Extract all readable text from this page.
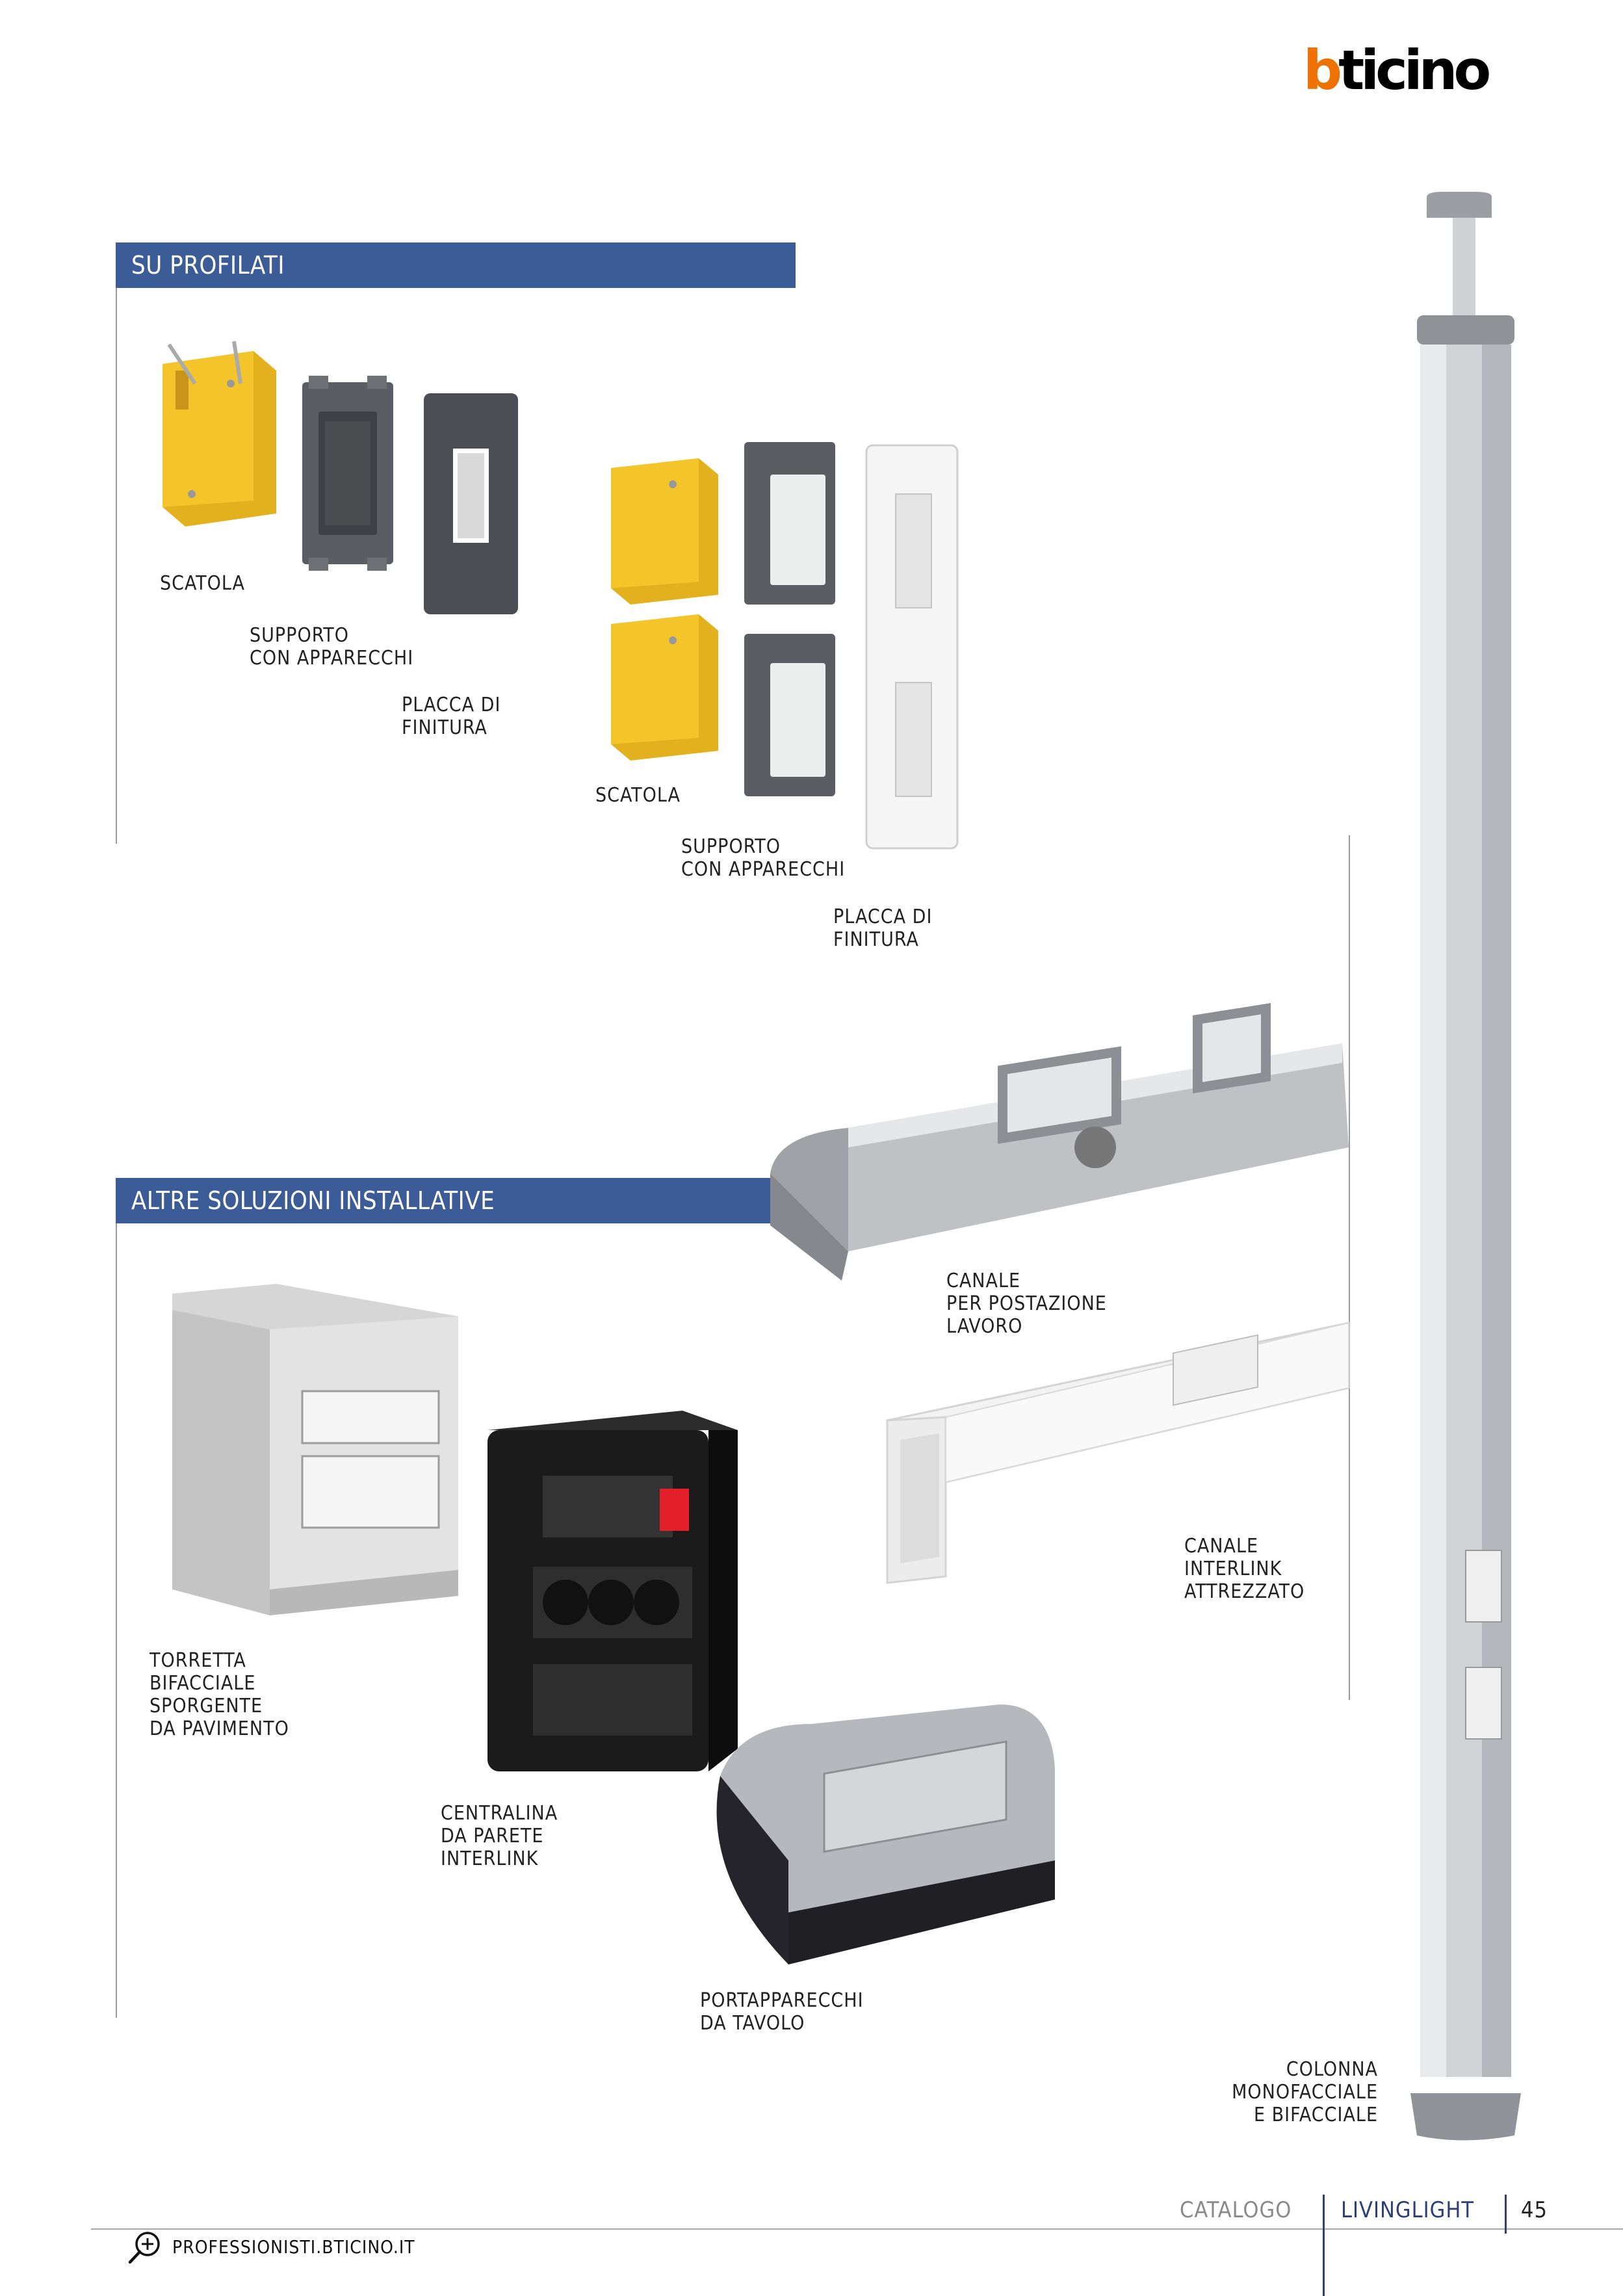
bticino
SU PROFILATI
SCATOLA
SUPPORTO
CON APPARECCHI
PLACCA DI
FINITURA
SCATOLA
SUPPORTO
CON APPARECCHI
PLACCA DI
FINITURA
ALTRE SOLUZIONI INSTALLATIVE
CANALE
PER POSTAZIONE
LAVORO
CANALE
INTERLINK
ATTREZZATO
TORRETTA
BIFACCIALE
SPORGENTE
DA PAVIMENTO
CENTRALINA
DA PARETE
INTERLINK
PORTAPPARECCHI
DA TAVOLO
COLONNA
MONOFACCIALE
E BIFACCIALE
CATALOGO LIVINGLIGHT 45
PROFESSIONISTI.BTICINO.IT
